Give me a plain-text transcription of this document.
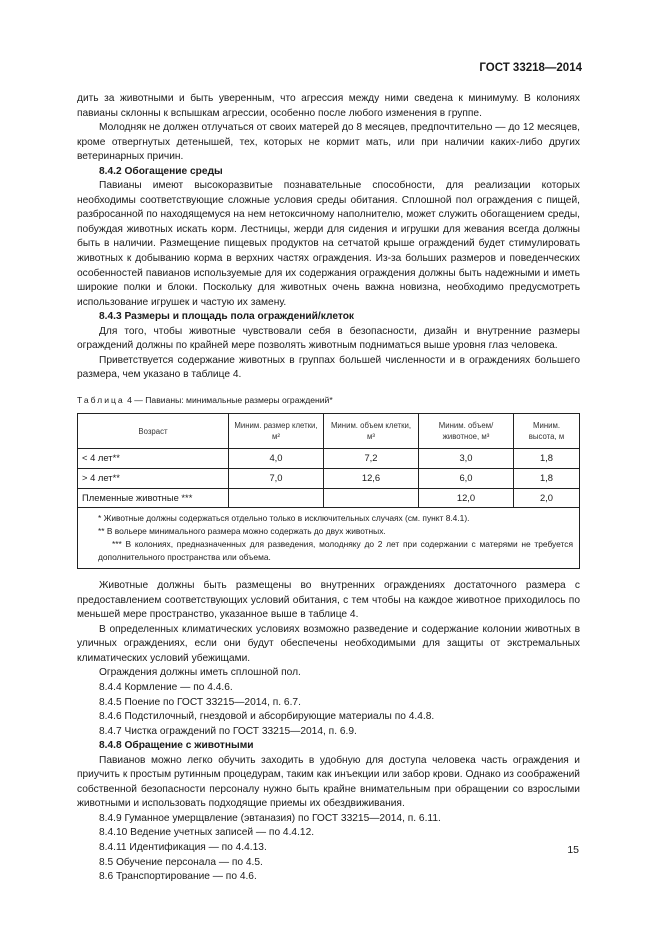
ГОСТ 33218—2014

дить за животными и быть уверенным, что агрессия между ними сведена к минимуму. В колониях павианы склонны к вспышкам агрессии, особенно после любого изменения в группе.

Молодняк не должен отлучаться от своих матерей до 8 месяцев, предпочтительно — до 12 месяцев, кроме отвергнутых детенышей, тех, которых не кормит мать, или при наличии каких-либо других ветеринарных причин.

8.4.2 Обогащение среды

Павианы имеют высокоразвитые познавательные способности, для реализации которых необходимы соответствующие сложные условия среды обитания. Сплошной пол ограждения с пищей, разбросанной по находящемуся на нем нетоксичному наполнителю, может служить обогащением среды, побуждая животных искать корм. Лестницы, жерди для сидения и игрушки для жевания всегда должны быть в наличии. Размещение пищевых продуктов на сетчатой крыше ограждений будет стимулировать животных к добыванию корма в верхних частях ограждения. Из-за больших размеров и поведенческих особенностей павианов используемые для их содержания ограждения должны быть надежными и иметь широкие полки и блоки. Поскольку для животных очень важна новизна, необходимо предусмотреть использование игрушек и частую их замену.

8.4.3 Размеры и площадь пола ограждений/клеток

Для того, чтобы животные чувствовали себя в безопасности, дизайн и внутренние размеры ограждений должны по крайней мере позволять животным подниматься выше уровня глаз человека.

Приветствуется содержание животных в группах большей численности и в ограждениях большего размера, чем указано в таблице 4.

Таблица 4 — Павианы: минимальные размеры ограждений*

Возраст	Миним. размер клетки, м²	Миним. объем клетки, м³	Миним. объем/ животное, м³	Миним. высота, м
< 4 лет**	4,0	7,2	3,0	1,8
> 4 лет**	7,0	12,6	6,0	1,8
Племенные животные ***			12,0	2,0

* Животные должны содержаться отдельно только в исключительных случаях (см. пункт 8.4.1).

** В вольере минимального размера можно содержать до двух животных.

*** В колониях, предназначенных для разведения, молодняку до 2 лет при содержании с матерями не требуется дополнительного пространства или объема.				

Животные должны быть размещены во внутренних ограждениях достаточного размера с предоставлением соответствующих условий обитания, с тем чтобы на каждое животное приходилось по меньшей мере пространство, указанное выше в таблице 4.

В определенных климатических условиях возможно разведение и содержание колонии животных в уличных ограждениях, если они будут обеспечены необходимыми для защиты от экстремальных климатических условий убежищами.

Ограждения должны иметь сплошной пол.

8.4.4 Кормление — по 4.4.6.

8.4.5 Поение по ГОСТ 33215—2014, п. 6.7.

8.4.6 Подстилочный, гнездовой и абсорбирующие материалы по 4.4.8.

8.4.7 Чистка ограждений по ГОСТ 33215—2014, п. 6.9.

8.4.8 Обращение с животными

Павианов можно легко обучить заходить в удобную для доступа человека часть ограждения и приучить к простым рутинным процедурам, таким как инъекции или забор крови. Однако из соображений собственной безопасности персоналу нужно быть крайне внимательным при обращении со взрослыми животными и использовать подходящие приемы их обездвиживания.

8.4.9 Гуманное умерщвление (эвтаназия) по ГОСТ 33215—2014, п. 6.11.

8.4.10 Ведение учетных записей — по 4.4.12.

8.4.11 Идентификация — по 4.4.13.

8.5 Обучение персонала — по 4.5.

8.6 Транспортирование — по 4.6.

15
